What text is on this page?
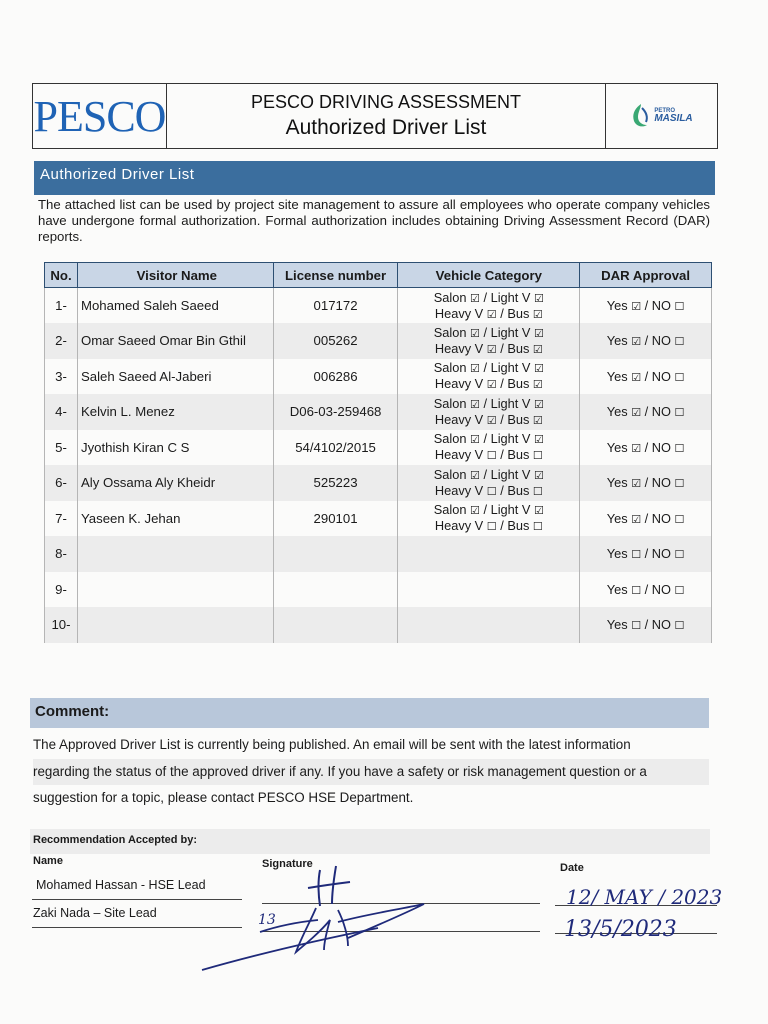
PESCO	PESCO DRIVING ASSESSMENT
Authorized Driver List
PETRO
MASILA
Authorized Driver List

The attached list can be used by project site management to assure all employees who operate company vehicles have undergone formal authorization. Formal authorization includes obtaining Driving Assessment Record (DAR) reports.

No.	Visitor Name	License number	Vehicle Category	DAR Approval
1-	Mohamed Saleh Saeed	017172	Salon ☑ / Light V ☑
Heavy V ☑ / Bus ☑	Yes ☑ / NO ☐
2-	Omar Saeed Omar Bin Gthil	005262	Salon ☑ / Light V ☑
Heavy V ☑ / Bus ☑	Yes ☑ / NO ☐
3-	Saleh Saeed Al-Jaberi	006286	Salon ☑ / Light V ☑
Heavy V ☑ / Bus ☑	Yes ☑ / NO ☐
4-	Kelvin L. Menez	D06-03-259468	Salon ☑ / Light V ☑
Heavy V ☑ / Bus ☑	Yes ☑ / NO ☐
5-	Jyothish Kiran C S	54/4102/2015	Salon ☑ / Light V ☑
Heavy V ☐ / Bus ☐	Yes ☑ / NO ☐
6-	Aly Ossama Aly Kheidr	525223	Salon ☑ / Light V ☑
Heavy V ☐ / Bus ☐	Yes ☑ / NO ☐
7-	Yaseen K. Jehan	290101	Salon ☑ / Light V ☑
Heavy V ☐ / Bus ☐	Yes ☑ / NO ☐
8-				Yes ☐ / NO ☐
9-				Yes ☐ / NO ☐
10-				Yes ☐ / NO ☐
Comment:
The Approved Driver List is currently being published. An email will be sent with the latest information
regarding the status of the approved driver if any. If you have a safety or risk management question or a
suggestion for a topic, please contact PESCO HSE Department.
Recommendation Accepted by:
Name	Signature	Date
Mohamed Hassan - HSE Lead
Zaki Nada – Site Lead	13
12/ MAY / 2023
13/5/2023
